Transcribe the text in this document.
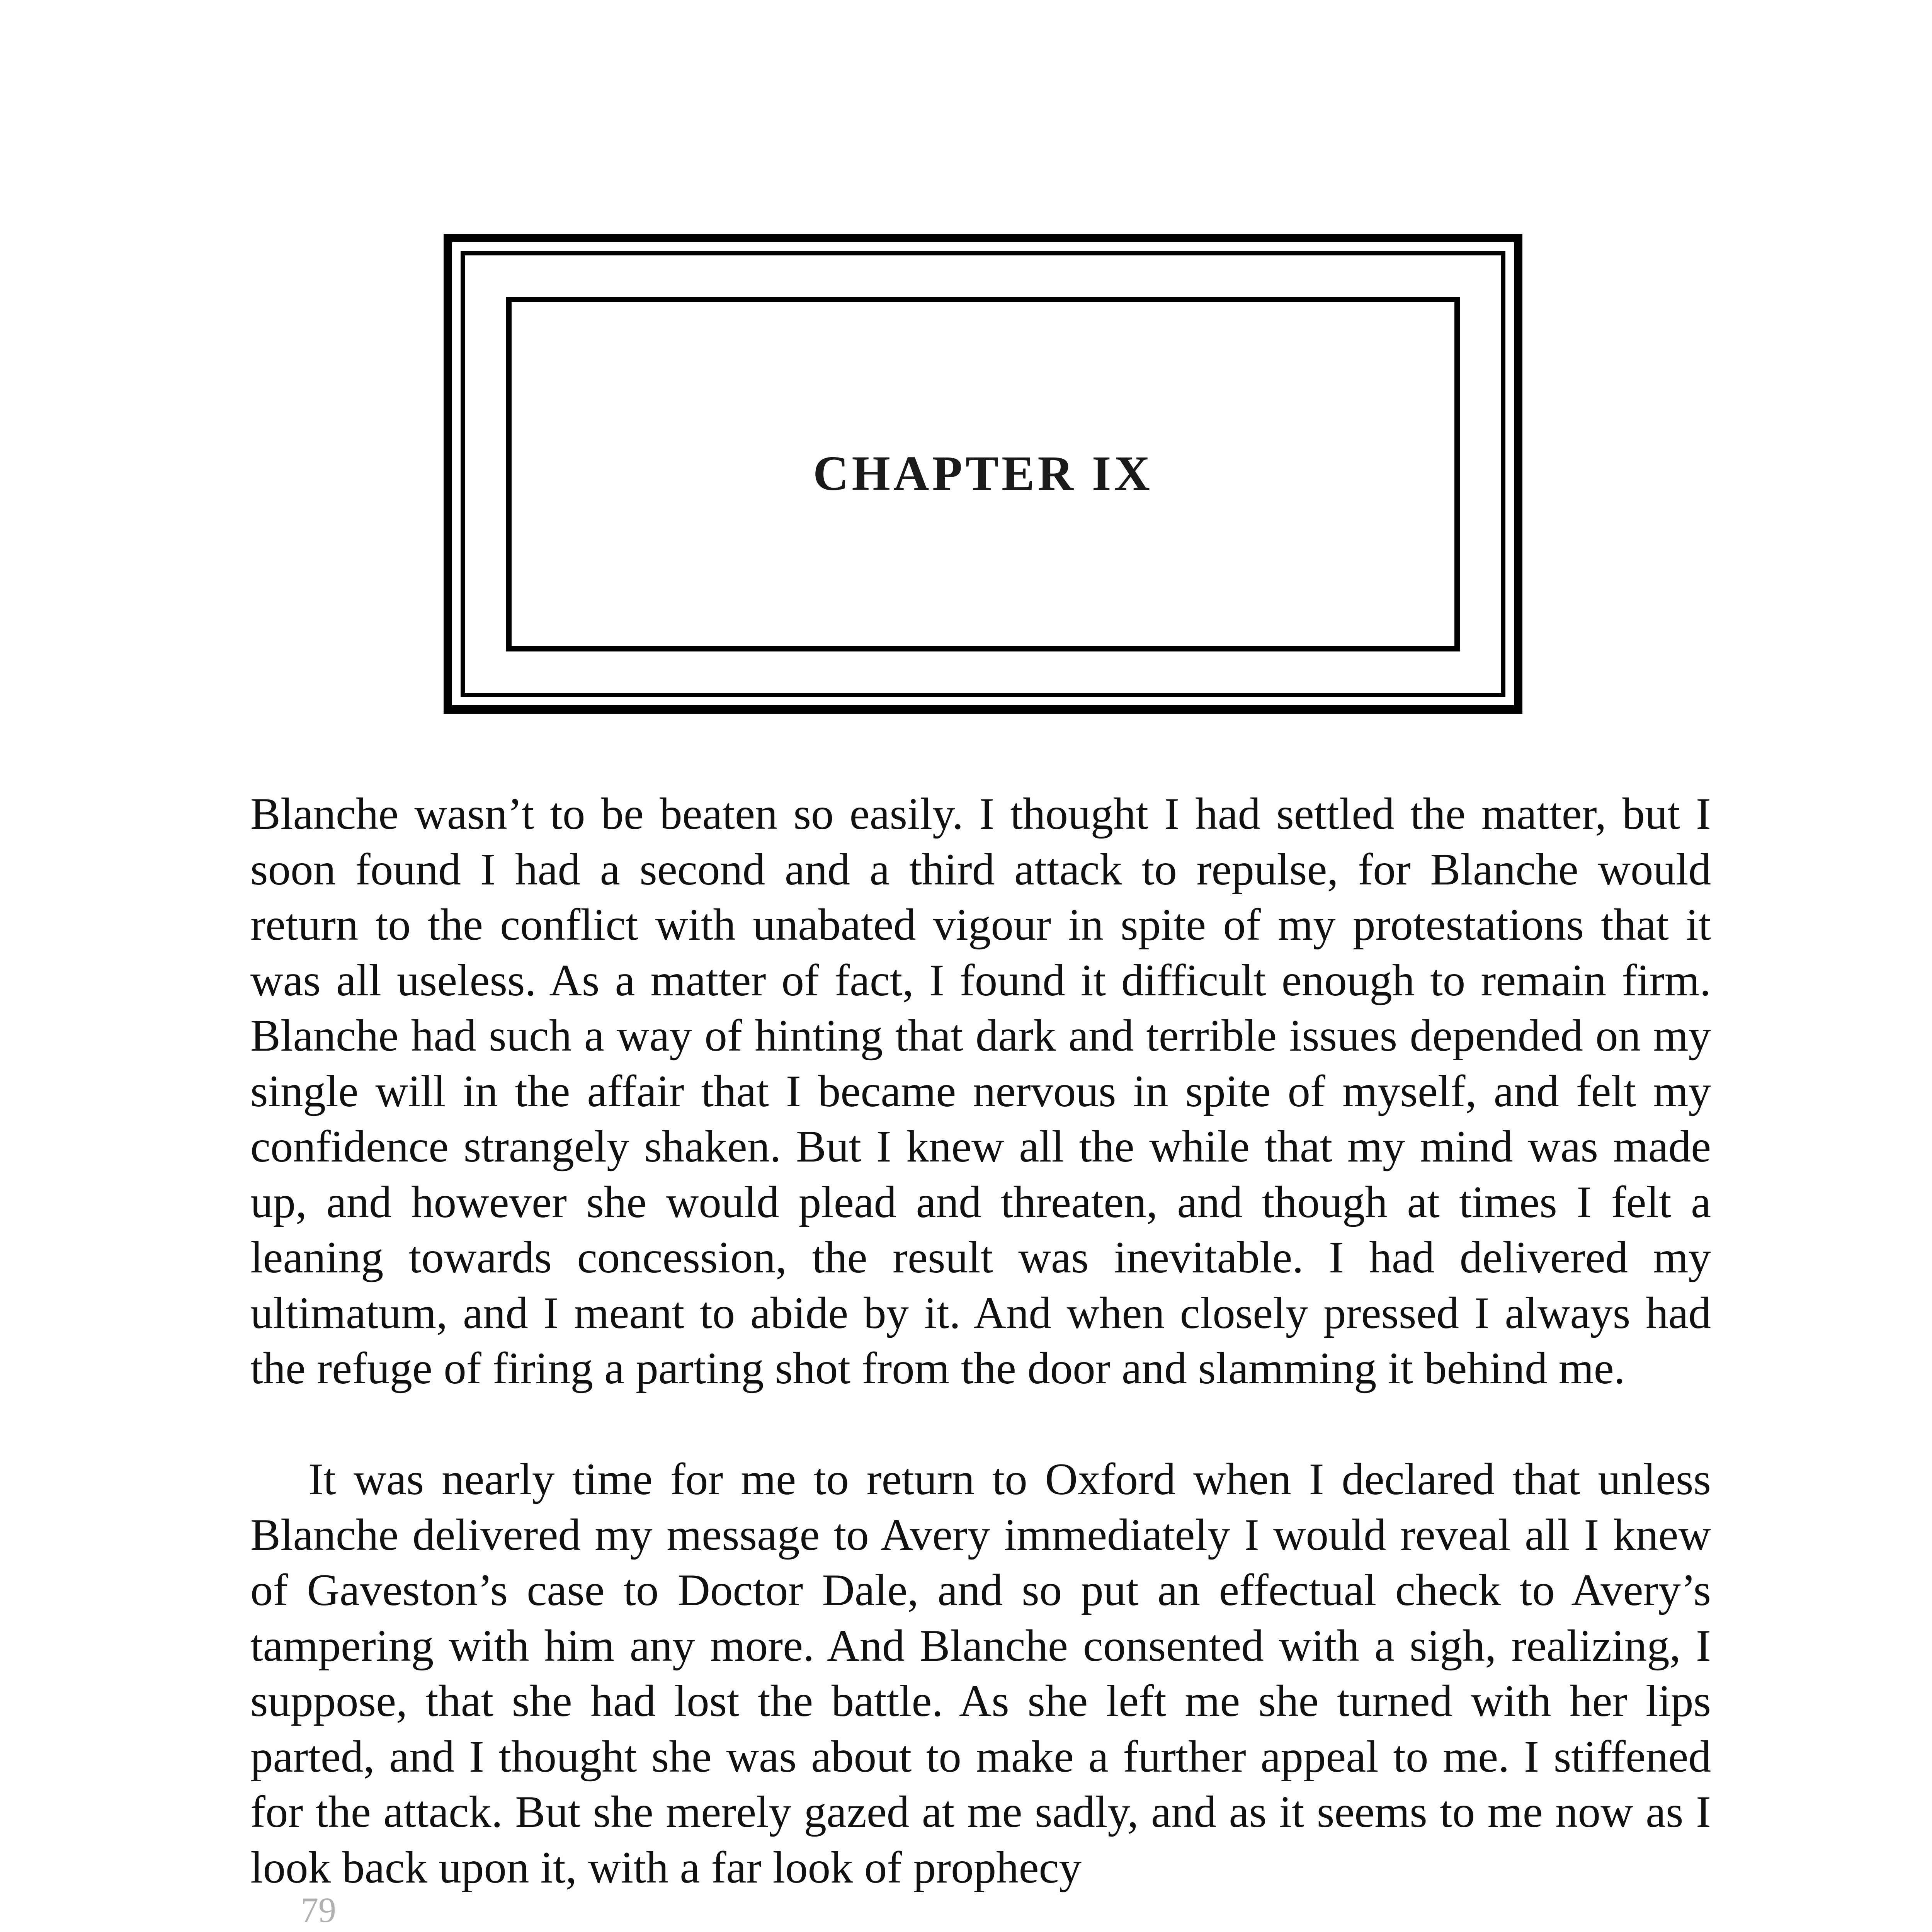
CHAPTER IX

Blanche wasn’t to be beaten so easily. I thought I had settled the matter, but I soon found I had a second and a third attack to repulse, for Blanche would return to the conflict with unabated vigour in spite of my protestations that it was all useless. As a matter of fact, I found it difficult enough to remain firm. Blanche had such a way of hinting that dark and terrible issues depended on my single will in the affair that I became nervous in spite of myself, and felt my confidence strangely shaken. But I knew all the while that my mind was made up, and however she would plead and threaten, and though at times I felt a leaning towards concession, the result was inevitable. I had delivered my ultimatum, and I meant to abide by it. And when closely pressed I always had the refuge of firing a parting shot from the door and slamming it behind me.

It was nearly time for me to return to Oxford when I declared that unless Blanche delivered my message to Avery immediately I would reveal all I knew of Gaveston’s case to Doctor Dale, and so put an effectual check to Avery’s tampering with him any more. And Blanche consented with a sigh, realizing, I suppose, that she had lost the battle. As she left me she turned with her lips parted, and I thought she was about to make a further appeal to me. I stiffened for the attack. But she merely gazed at me sadly, and as it seems to me now as I look back upon it, with a far look of prophecy

79
